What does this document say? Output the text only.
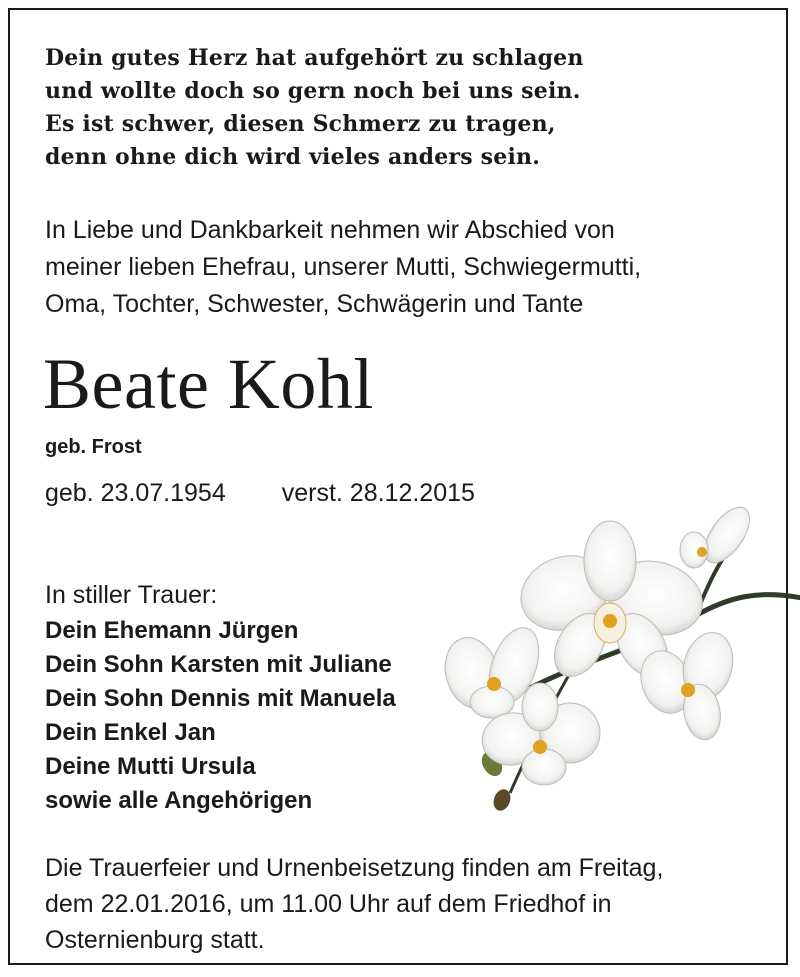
Dein gutes Herz hat aufgehört zu schlagen
und wollte doch so gern noch bei uns sein.
Es ist schwer, diesen Schmerz zu tragen,
denn ohne dich wird vieles anders sein.
In Liebe und Dankbarkeit nehmen wir Abschied von
meiner lieben Ehefrau, unserer Mutti, Schwiegermutti,
Oma, Tochter, Schwester, Schwägerin und Tante
Beate Kohl
geb. Frost
geb. 23.07.1954 verst. 28.12.2015
In stiller Trauer:
Dein Ehemann Jürgen
Dein Sohn Karsten mit Juliane
Dein Sohn Dennis mit Manuela
Dein Enkel Jan
Deine Mutti Ursula
sowie alle Angehörigen
Die Trauerfeier und Urnenbeisetzung finden am Freitag,
dem 22.01.2016, um 11.00 Uhr auf dem Friedhof in
Osternienburg statt.
